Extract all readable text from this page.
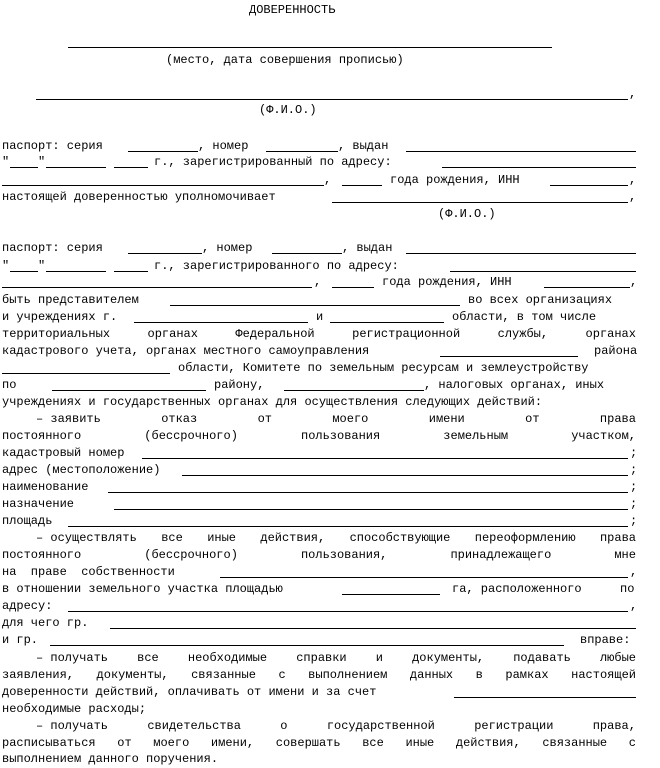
ДОВЕРЕННОСТЬ
(место, дата совершения прописью)
,
(Ф.И.О.)
паспорт: серия	, номер	, выдан
" "	г., зарегистрированный по адресу:
,	года рождения, ИНН	,
настоящей доверенностью уполномочивает	,
(Ф.И.О.)
паспорт: серия	, номер	, выдан
" "	г., зарегистрированного по адресу:
,	года рождения, ИНН	,
быть представителем	во всех организациях
и учреждениях г.	и	области, в том числе
территориальных	органах	Федеральной	регистрационной	службы,	органах
кадастрового учета, органах местного самоуправления	района
области, Комитете по земельным ресурсам и землеустройству
по	району,	, налоговых органах, иных
учреждениях и государственных органах для осуществления следующих действий:
– заявить	отказ	от	моего	имени	от	права
постоянного	(бессрочного)	пользования	земельным	участком,
кадастровый номер	;
адрес (местоположение)	;
наименование	;
назначение	;
площадь	;
– осуществлять все иные действия, способствующие переоформлению права
постоянного	(бессрочного)	пользования,	принадлежащего	мне
на  праве  собственности	,
в отношении земельного участка площадью	га, расположенного	по
адресу:	,
для чего гр.
и гр.	вправе:
– получать все необходимые справки и документы, подавать любые
заявления, документы, связанные с выполнением данных в рамках настоящей
доверенности действий, оплачивать от имени и за счет
необходимые расходы;
– получать	свидетельства	о	государственной	регистрации	права,
расписываться от моего имени, совершать все иные действия, связанные с
выполнением данного поручения.
